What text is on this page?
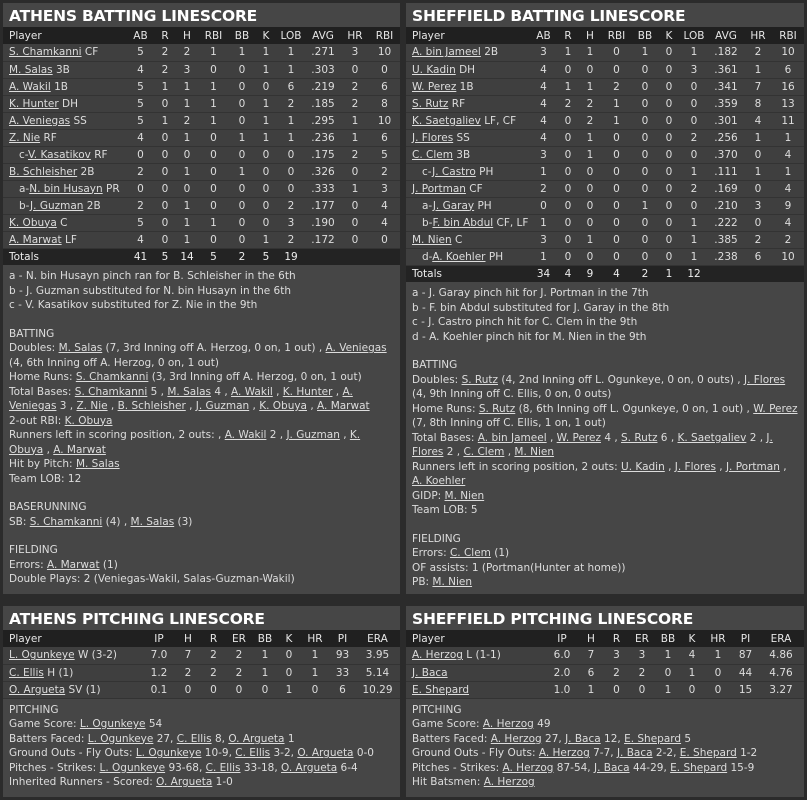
ATHENS BATTING LINESCORE
Player	AB	R	H	RBI	BB	K	LOB	AVG	HR	RBI
S. Chamkanni CF	5	2	2	1	1	1	1	.271	3	10
M. Salas 3B	4	2	3	0	0	1	1	.303	0	0
A. Wakil 1B	5	1	1	1	0	0	6	.219	2	6
K. Hunter DH	5	0	1	1	0	1	2	.185	2	8
A. Veniegas SS	5	1	2	1	0	1	1	.295	1	10
Z. Nie RF	4	0	1	0	1	1	1	.236	1	6
c-V. Kasatikov RF	0	0	0	0	0	0	0	.175	2	5
B. Schleisher 2B	2	0	1	0	1	0	0	.326	0	2
a-N. bin Husayn PR	0	0	0	0	0	0	0	.333	1	3
b-J. Guzman 2B	2	0	1	0	0	0	2	.177	0	4
K. Obuya C	5	0	1	1	0	0	3	.190	0	4
A. Marwat LF	4	0	1	0	0	1	2	.172	0	0
Totals	41	5	14	5	2	5	19			
a - N. bin Husayn pinch ran for B. Schleisher in the 6th
b - J. Guzman substituted for N. bin Husayn in the 6th
c - V. Kasatikov substituted for Z. Nie in the 9th
BATTING
Doubles: M. Salas (7, 3rd Inning off A. Herzog, 0 on, 1 out) , A. Veniegas (4, 6th Inning off A. Herzog, 0 on, 1 out)
Home Runs: S. Chamkanni (3, 3rd Inning off A. Herzog, 0 on, 1 out)
Total Bases: S. Chamkanni 5 , M. Salas 4 , A. Wakil , K. Hunter , A. Veniegas 3 , Z. Nie , B. Schleisher , J. Guzman , K. Obuya , A. Marwat
2-out RBI: K. Obuya
Runners left in scoring position, 2 outs: , A. Wakil 2 , J. Guzman , K. Obuya , A. Marwat
Hit by Pitch: M. Salas
Team LOB: 12
BASERUNNING
SB: S. Chamkanni (4) , M. Salas (3)
FIELDING
Errors: A. Marwat (1)
Double Plays: 2 (Veniegas-Wakil, Salas-Guzman-Wakil)
SHEFFIELD BATTING LINESCORE
Player	AB	R	H	RBI	BB	K	LOB	AVG	HR	RBI
A. bin Jameel 2B	3	1	1	0	1	0	1	.182	2	10
U. Kadin DH	4	0	0	0	0	0	3	.361	1	6
W. Perez 1B	4	1	1	2	0	0	0	.341	7	16
S. Rutz RF	4	2	2	1	0	0	0	.359	8	13
K. Saetgaliev LF, CF	4	0	2	1	0	0	0	.301	4	11
J. Flores SS	4	0	1	0	0	0	2	.256	1	1
C. Clem 3B	3	0	1	0	0	0	0	.370	0	4
c-J. Castro PH	1	0	0	0	0	0	1	.111	1	1
J. Portman CF	2	0	0	0	0	0	2	.169	0	4
a-J. Garay PH	0	0	0	0	1	0	0	.210	3	9
b-F. bin Abdul CF, LF	1	0	0	0	0	0	1	.222	0	4
M. Nien C	3	0	1	0	0	0	1	.385	2	2
d-A. Koehler PH	1	0	0	0	0	0	1	.238	6	10
Totals	34	4	9	4	2	1	12			
a - J. Garay pinch hit for J. Portman in the 7th
b - F. bin Abdul substituted for J. Garay in the 8th
c - J. Castro pinch hit for C. Clem in the 9th
d - A. Koehler pinch hit for M. Nien in the 9th
BATTING
Doubles: S. Rutz (4, 2nd Inning off L. Ogunkeye, 0 on, 0 outs) , J. Flores (4, 9th Inning off C. Ellis, 0 on, 0 outs)
Home Runs: S. Rutz (8, 6th Inning off L. Ogunkeye, 0 on, 1 out) , W. Perez (7, 8th Inning off C. Ellis, 1 on, 1 out)
Total Bases: A. bin Jameel , W. Perez 4 , S. Rutz 6 , K. Saetgaliev 2 , J. Flores 2 , C. Clem , M. Nien
Runners left in scoring position, 2 outs: U. Kadin , J. Flores , J. Portman , A. Koehler
GIDP: M. Nien
Team LOB: 5
FIELDING
Errors: C. Clem (1)
OF assists: 1 (Portman(Hunter at home))
PB: M. Nien
ATHENS PITCHING LINESCORE
Player	IP	H	R	ER	BB	K	HR	PI	ERA
L. Ogunkeye W (3-2)	7.0	7	2	2	1	0	1	93	3.95
C. Ellis H (1)	1.2	2	2	2	1	0	1	33	5.14
O. Argueta SV (1)	0.1	0	0	0	0	1	0	6	10.29
PITCHING
Game Score: L. Ogunkeye 54
Batters Faced: L. Ogunkeye 27, C. Ellis 8, O. Argueta 1
Ground Outs - Fly Outs: L. Ogunkeye 10-9, C. Ellis 3-2, O. Argueta 0-0
Pitches - Strikes: L. Ogunkeye 93-68, C. Ellis 33-18, O. Argueta 6-4
Inherited Runners - Scored: O. Argueta 1-0
SHEFFIELD PITCHING LINESCORE
Player	IP	H	R	ER	BB	K	HR	PI	ERA
A. Herzog L (1-1)	6.0	7	3	3	1	4	1	87	4.86
J. Baca	2.0	6	2	2	0	1	0	44	4.76
E. Shepard	1.0	1	0	0	1	0	0	15	3.27
PITCHING
Game Score: A. Herzog 49
Batters Faced: A. Herzog 27, J. Baca 12, E. Shepard 5
Ground Outs - Fly Outs: A. Herzog 7-7, J. Baca 2-2, E. Shepard 1-2
Pitches - Strikes: A. Herzog 87-54, J. Baca 44-29, E. Shepard 15-9
Hit Batsmen: A. Herzog
